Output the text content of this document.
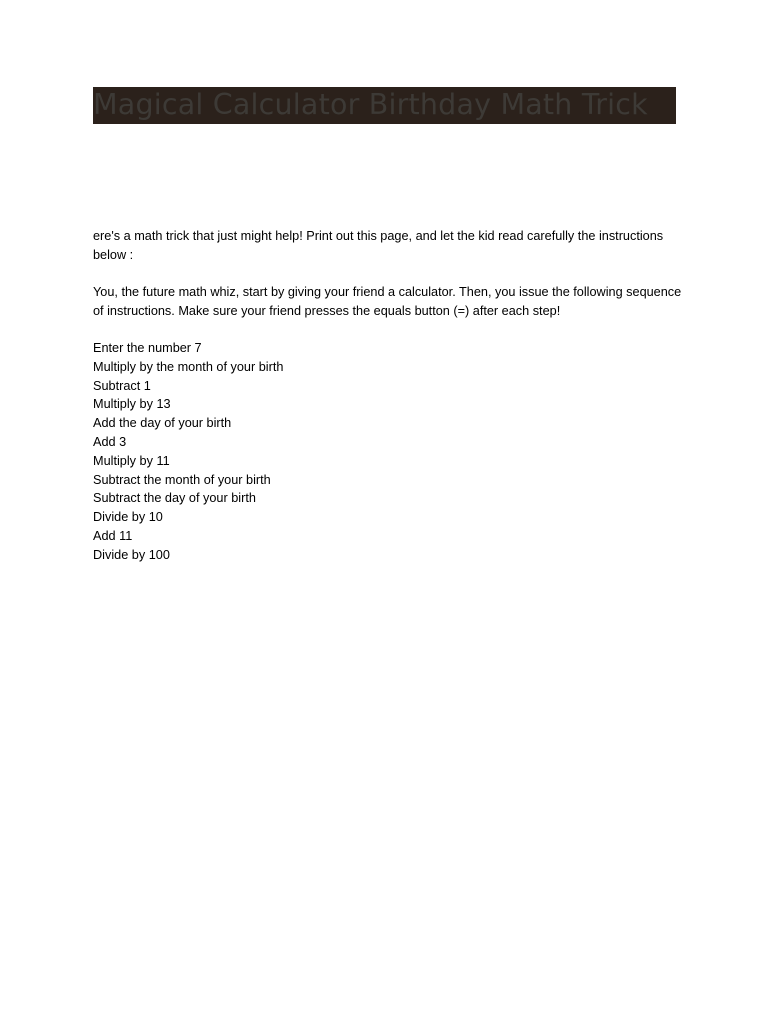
Magical Calculator Birthday Math Trick

ere's a math trick that just might help! Print out this page, and let the kid read carefully the instructions below :

You, the future math whiz, start by giving your friend a calculator. Then, you issue the following sequence of instructions. Make sure your friend presses the equals button (=) after each step!

Enter the number 7
Multiply by the month of your birth
Subtract 1
Multiply by 13
Add the day of your birth
Add 3
Multiply by 11
Subtract the month of your birth
Subtract the day of your birth
Divide by 10
Add 11
Divide by 100
